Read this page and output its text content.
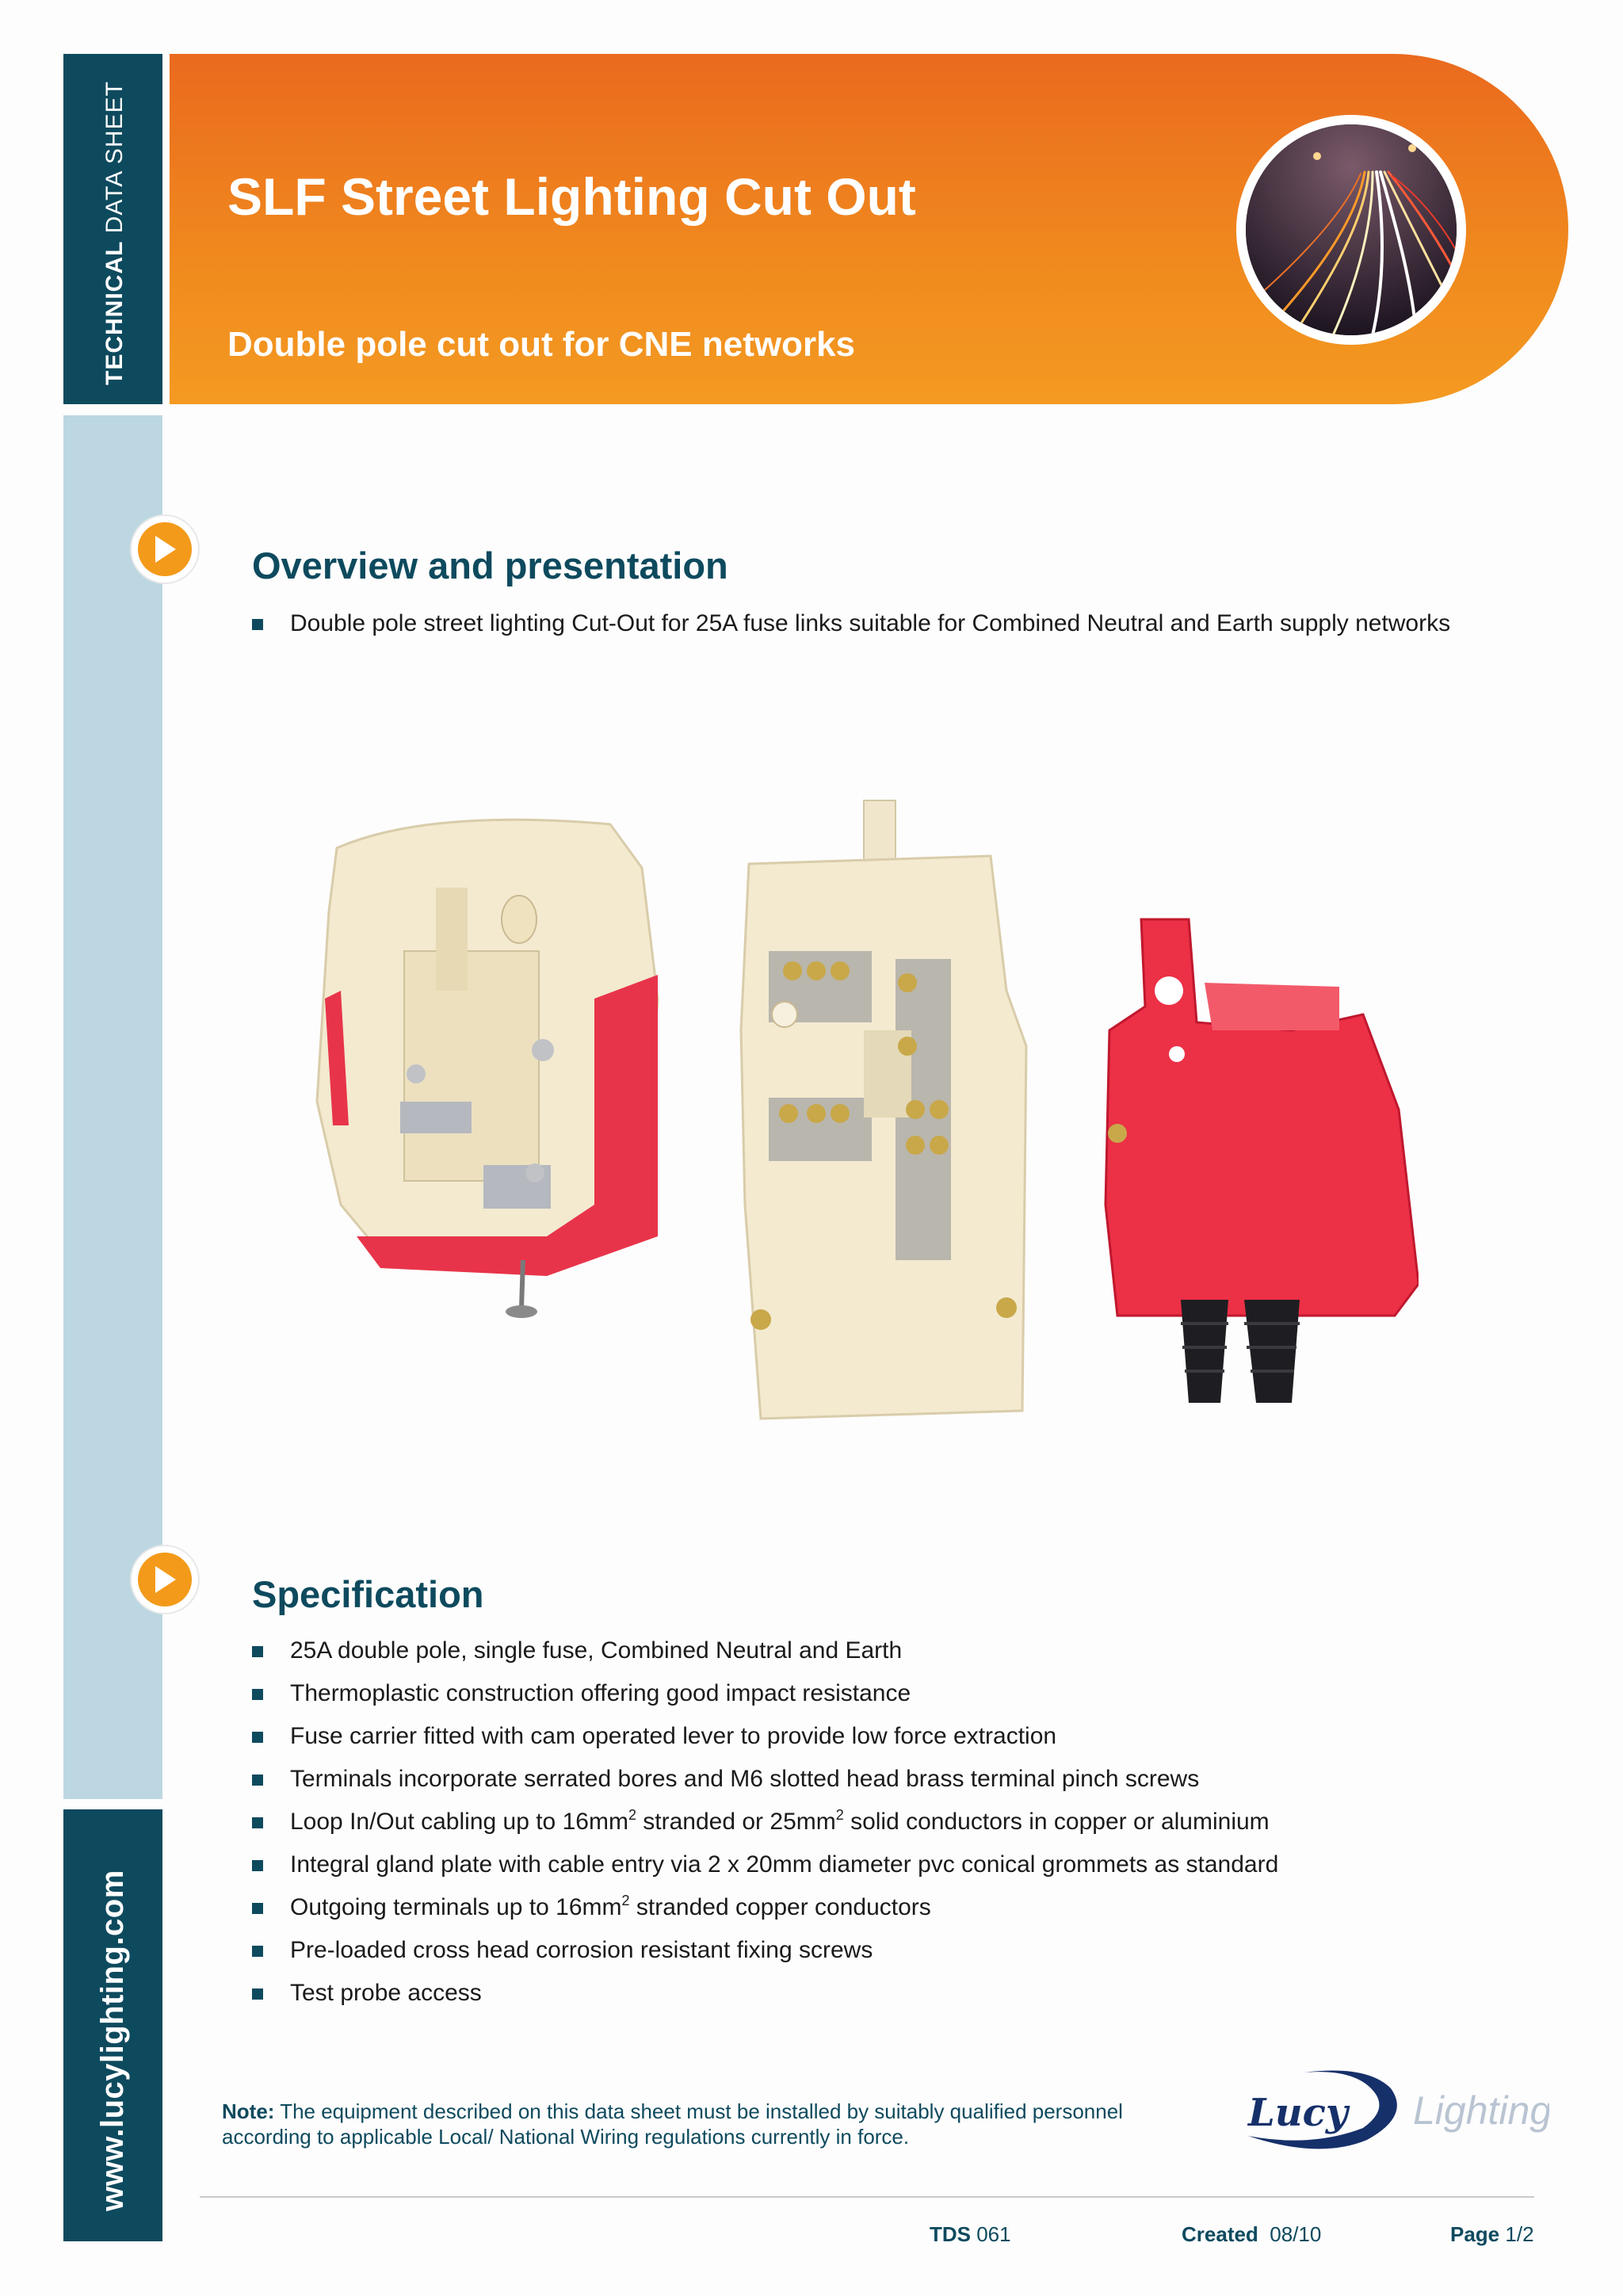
TECHNICAL DATA SHEET
www.lucylighting.com
SLF Street Lighting Cut Out
Double pole cut out for CNE networks
Overview and presentation
Double pole street lighting Cut-Out for 25A fuse links suitable for Combined Neutral and Earth supply networks
Specification
25A double pole, single fuse, Combined Neutral and Earth
Thermoplastic construction offering good impact resistance
Fuse carrier fitted with cam operated lever to provide low force extraction
Terminals incorporate serrated bores and M6 slotted head brass terminal pinch screws
Loop In/Out cabling up to $16mm^2$ stranded or $25mm^2$ solid conductors in copper or aluminium
Integral gland plate with cable entry via 2 x 20mm diameter pvc conical grommets as standard
Outgoing terminals up to $16mm^2$ stranded copper conductors
Pre-loaded cross head corrosion resistant fixing screws
Test probe access
Note: The equipment described on this data sheet must be installed by suitably qualified personnel according to applicable Local/ National Wiring regulations currently in force.
Lucy Lighting
TDS 061	Created  08/10	Page 1/2
